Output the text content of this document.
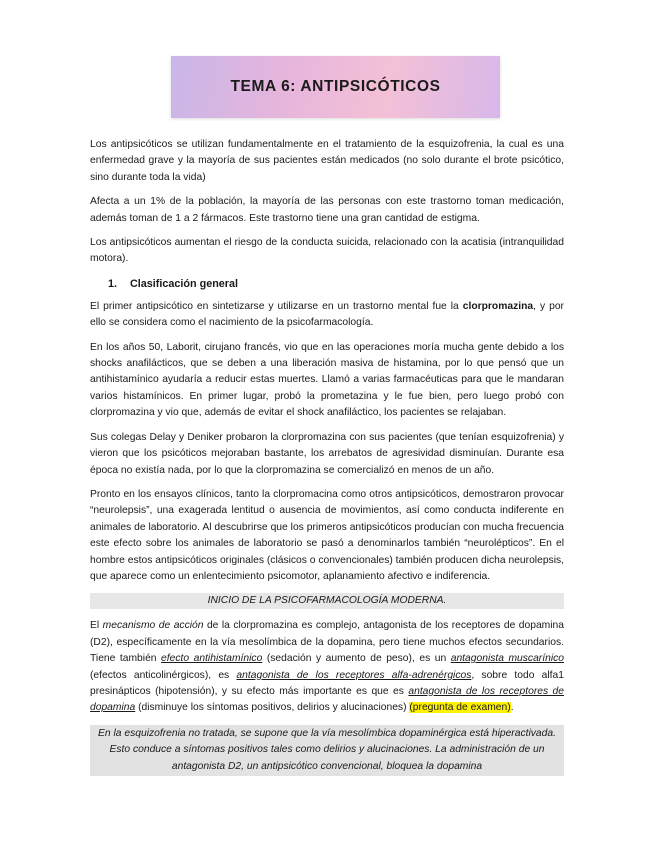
TEMA 6: ANTIPSICÓTICOS

Los antipsicóticos se utilizan fundamentalmente en el tratamiento de la esquizofrenia, la cual es una enfermedad grave y la mayoría de sus pacientes están medicados (no solo durante el brote psicótico, sino durante toda la vida)

Afecta a un 1% de la población, la mayoría de las personas con este trastorno toman medicación, además toman de 1 a 2 fármacos. Este trastorno tiene una gran cantidad de estigma.

Los antipsicóticos aumentan el riesgo de la conducta suicida, relacionado con la acatisia (intranquilidad motora).

1. Clasificación general

El primer antipsicótico en sintetizarse y utilizarse en un trastorno mental fue la clorpromazina, y por ello se considera como el nacimiento de la psicofarmacología.

En los años 50, Laborit, cirujano francés, vio que en las operaciones moría mucha gente debido a los shocks anafilácticos, que se deben a una liberación masiva de histamina, por lo que pensó que un antihistamínico ayudaría a reducir estas muertes. Llamó a varias farmacéuticas para que le mandaran varios histamínicos. En primer lugar, probó la prometazina y le fue bien, pero luego probó con clorpromazina y vio que, además de evitar el shock anafiláctico, los pacientes se relajaban.

Sus colegas Delay y Deniker probaron la clorpromazina con sus pacientes (que tenían esquizofrenia) y vieron que los psicóticos mejoraban bastante, los arrebatos de agresividad disminuían. Durante esa época no existía nada, por lo que la clorpromazina se comercializó en menos de un año.

Pronto en los ensayos clínicos, tanto la clorpromacina como otros antipsicóticos, demostraron provocar “neurolepsis”, una exagerada lentitud o ausencia de movimientos, así como conducta indiferente en animales de laboratorio. Al descubrirse que los primeros antipsicóticos producían con mucha frecuencia este efecto sobre los animales de laboratorio se pasó a denominarlos también “neurolépticos”. En el hombre estos antipsicóticos originales (clásicos o convencionales) también producen dicha neurolepsis, que aparece como un enlentecimiento psicomotor, aplanamiento afectivo e indiferencia.

INICIO DE LA PSICOFARMACOLOGÍA MODERNA.

El mecanismo de acción de la clorpromazina es complejo, antagonista de los receptores de dopamina (D2), específicamente en la vía mesolímbica de la dopamina, pero tiene muchos efectos secundarios. Tiene también efecto antihistamínico (sedación y aumento de peso), es un antagonista muscarínico (efectos anticolinérgicos), es antagonista de los receptores alfa-adrenérgicos, sobre todo alfa1 presinápticos (hipotensión), y su efecto más importante es que es antagonista de los receptores de dopamina (disminuye los síntomas positivos, delirios y alucinaciones) (pregunta de examen).

En la esquizofrenia no tratada, se supone que la vía mesolímbica dopaminérgica está hiperactivada. Esto conduce a síntomas positivos tales como delirios y alucinaciones. La administración de un antagonista D2, un antipsicótico convencional, bloquea la dopamina
